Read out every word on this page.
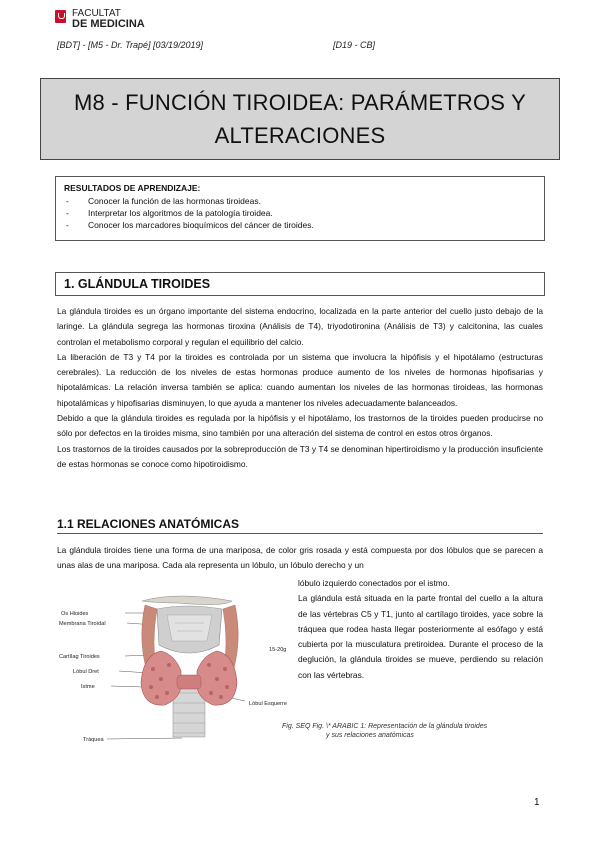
FACULTAT
DE MEDICINA
[BDT] - [M5 - Dr. Trapé] [03/19/2019]	[D19 - CB]
M8 - FUNCIÓN TIROIDEA: PARÁMETROS Y
ALTERACIONES
RESULTADOS DE APRENDIZAJE:
- Conocer la función de las hormonas tiroideas.
- Interpretar los algoritmos de la patología tiroidea.
- Conocer los marcadores bioquímicos del cáncer de tiroides.
1. GLÁNDULA TIROIDES

La glándula tiroides es un órgano importante del sistema endocrino, localizada en la parte anterior del cuello justo debajo de la laringe. La glándula segrega las hormonas tiroxina (Análisis de T4), triyodotironina (Análisis de T3) y calcitonina, las cuales controlan el metabolismo corporal y regulan el equilibrio del calcio.

La liberación de T3 y T4 por la tiroides es controlada por un sistema que involucra la hipófisis y el hipotálamo (estructuras cerebrales). La reducción de los niveles de estas hormonas produce aumento de los niveles de hormonas hipofisarias y hipotalámicas. La relación inversa también se aplica: cuando aumentan los niveles de las hormonas tiroideas, las hormonas hipotalámicas y hipofisarias disminuyen, lo que ayuda a mantener los niveles adecuadamente balanceados.

Debido a que la glándula tiroides es regulada por la hipófisis y el hipotálamo, los trastornos de la tiroides pueden producirse no sólo por defectos en la tiroides misma, sino también por una alteración del sistema de control en estos otros órganos.

Los trastornos de la tiroides causados por la sobreproducción de T3 y T4 se denominan hipertiroidismo y la producción insuficiente de estas hormonas se conoce como hipotiroidismo.

1.1 RELACIONES ANATÓMICAS
La glándula tiroides tiene una forma de una mariposa, de color gris rosada y está compuesta por dos lóbulos que se parecen a unas alas de una mariposa. Cada ala representa un lóbulo, un lóbulo derecho y un
Os Hioides
Membrana Tiroïdal
Cartílag Tiroides
Lòbul Dret
Istme
15-20g
Lòbul Esquerre
Tràquea

lóbulo izquierdo conectados por el istmo.

La glándula está situada en la parte frontal del cuello a la altura de las vértebras C5 y T1, junto al cartílago tiroides, yace sobre la tráquea que rodea hasta llegar posteriormente al esófago y está cubierta por la musculatura pretiroidea. Durante el proceso de la deglución, la glándula tiroides se mueve, perdiendo su relación con las vértebras.

Fig. SEQ Fig. \* ARABIC 1: Representación de la glándula tiroides
y sus relaciones anatómicas
1
